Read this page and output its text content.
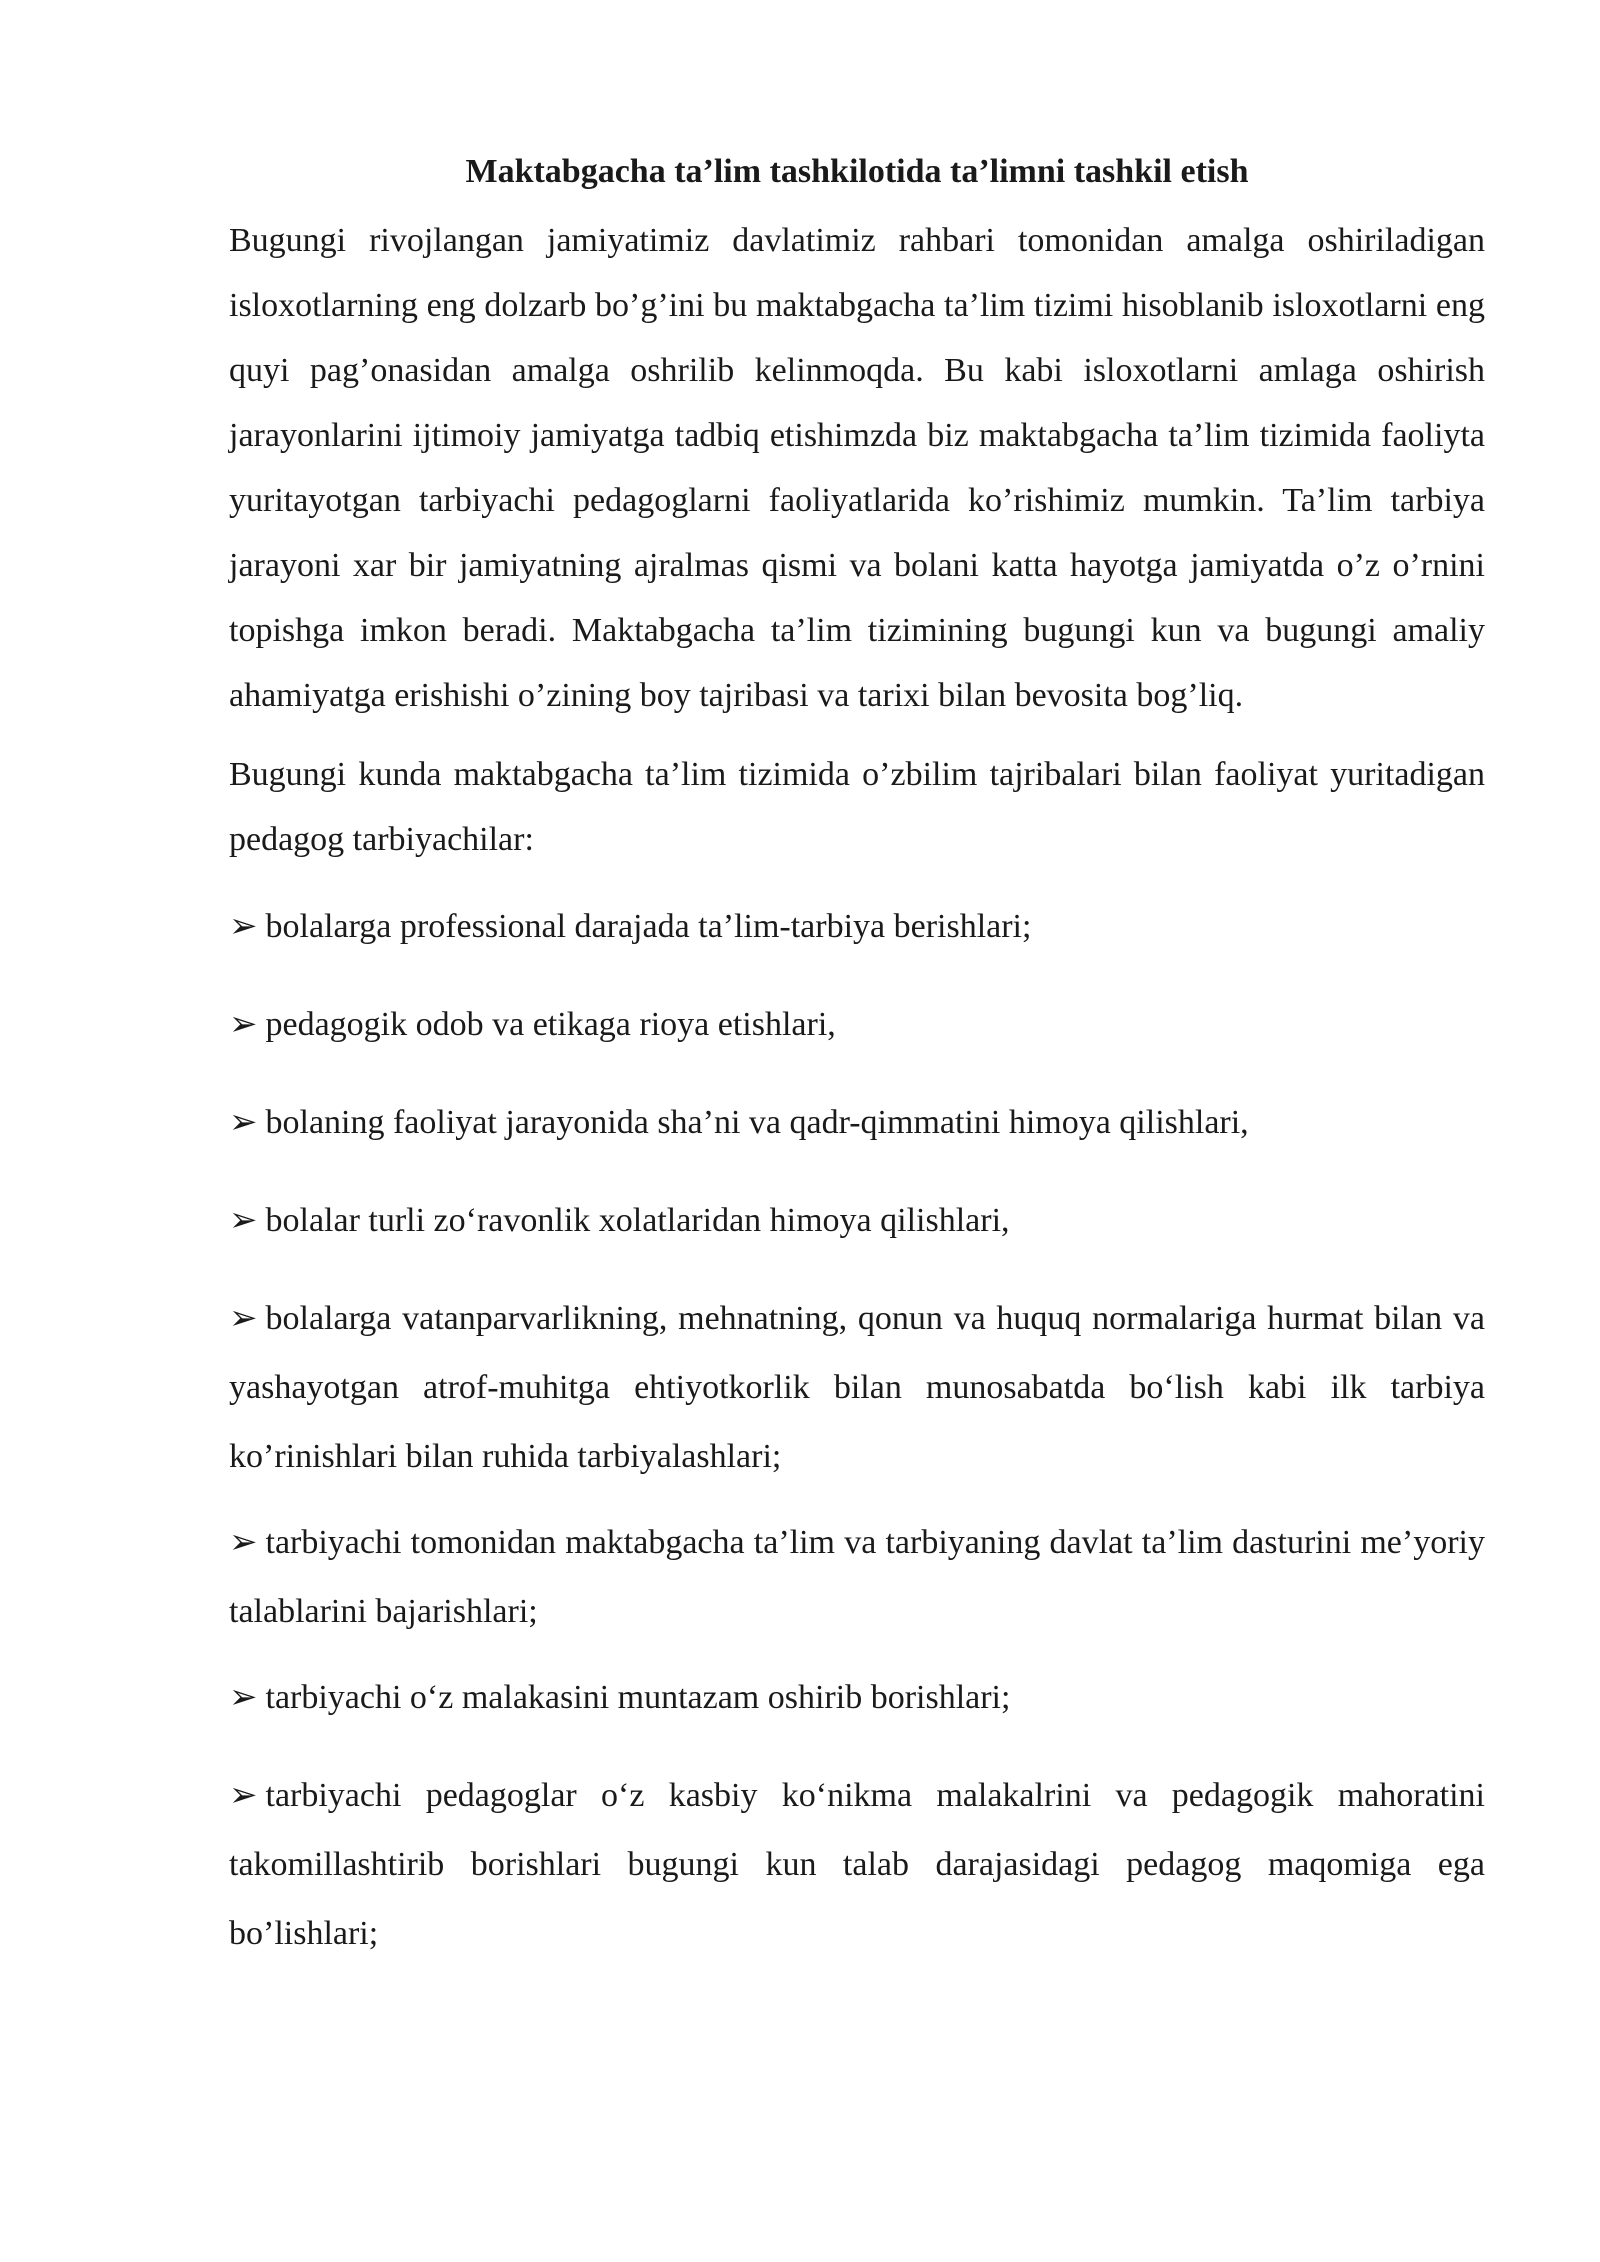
Maktabgacha ta’lim tashkilotida ta’limni tashkil etish

Bugungi rivojlangan jamiyatimiz davlatimiz rahbari tomonidan amalga oshiriladigan isloxotlarning eng dolzarb bo’g’ini bu maktabgacha ta’lim tizimi hisoblanib isloxotlarni eng quyi pag’onasidan amalga oshrilib kelinmoqda. Bu kabi isloxotlarni amlaga oshirish jarayonlarini ijtimoiy jamiyatga tadbiq etishimzda biz maktabgacha ta’lim tizimida faoliyta yuritayotgan tarbiyachi pedagoglarni faoliyatlarida ko’rishimiz mumkin. Ta’lim tarbiya jarayoni xar bir jamiyatning ajralmas qismi va bolani katta hayotga jamiyatda o’z o’rnini topishga imkon beradi. Maktabgacha ta’lim tizimining bugungi kun va bugungi amaliy ahamiyatga erishishi o’zining boy tajribasi va tarixi bilan bevosita bog’liq.

Bugungi kunda maktabgacha ta’lim tizimida o’zbilim tajribalari bilan faoliyat yuritadigan pedagog tarbiyachilar:

➢ bolalarga professional darajada ta’lim-tarbiya berishlari;

➢ pedagogik odob va etikaga rioya etishlari,

➢ bolaning faoliyat jarayonida sha’ni va qadr-qimmatini himoya qilishlari,

➢ bolalar turli zo‘ravonlik xolatlaridan himoya qilishlari,

➢ bolalarga vatanparvarlikning, mehnatning, qonun va huquq normalariga hurmat bilan va yashayotgan atrof-muhitga ehtiyotkorlik bilan munosabatda bo‘lish kabi ilk tarbiya ko’rinishlari bilan ruhida tarbiyalashlari;

➢ tarbiyachi tomonidan maktabgacha ta’lim va tarbiyaning davlat ta’lim dasturini me’yoriy talablarini bajarishlari;

➢ tarbiyachi o‘z malakasini muntazam oshirib borishlari;

➢ tarbiyachi pedagoglar o‘z kasbiy ko‘nikma malakalrini va pedagogik mahoratini takomillashtirib borishlari bugungi kun talab darajasidagi pedagog maqomiga ega bo’lishlari;
